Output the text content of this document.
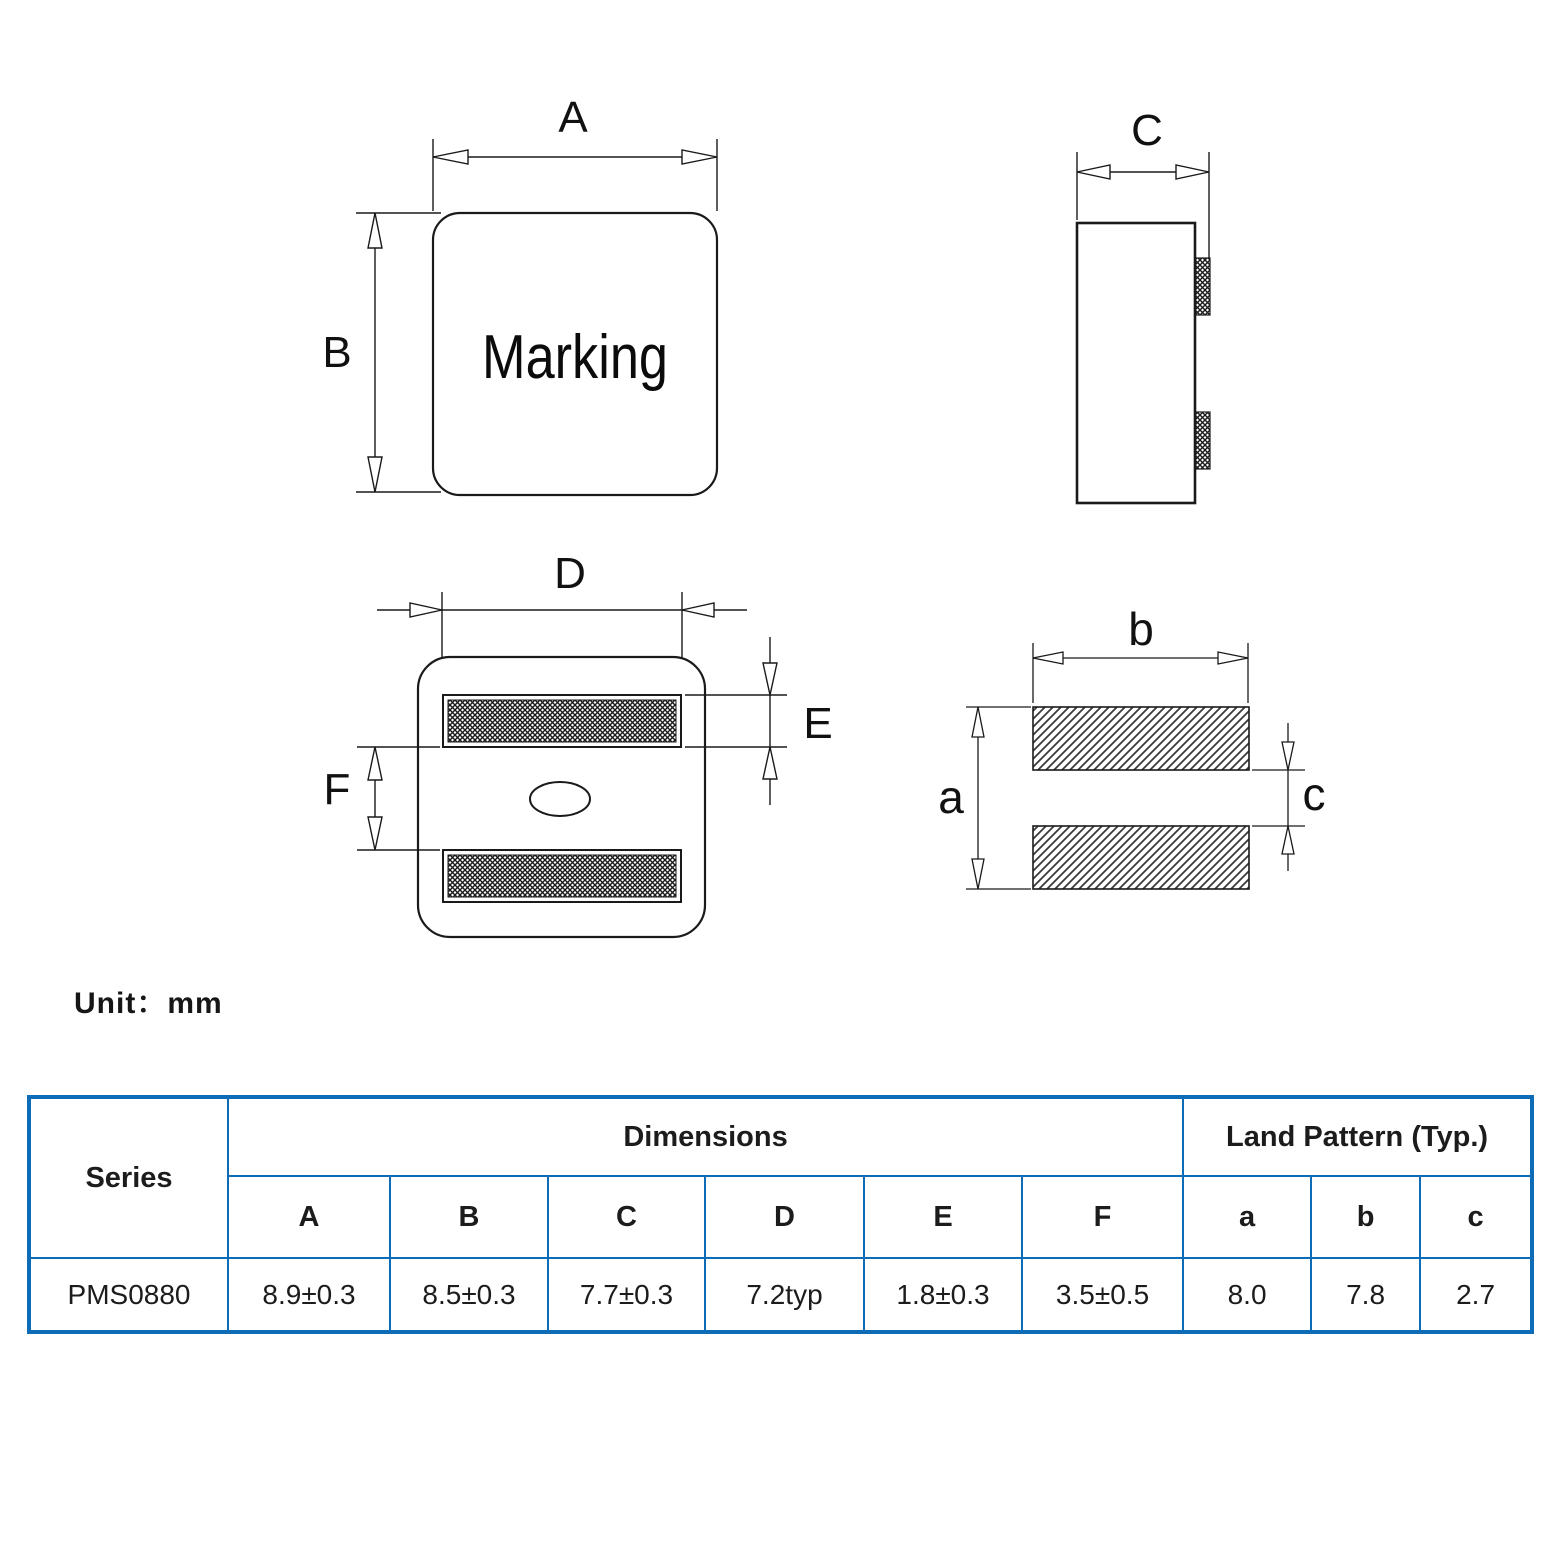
A
B Marking
C
D
E
F
b
a	c
Unit：mm
Series	Dimensions						Land Pattern (Typ.)		
	A	B	C	D	E	F	a	b	c
PMS0880	8.9±0.3	8.5±0.3	7.7±0.3	7.2typ	1.8±0.3	3.5±0.5	8.0	7.8	2.7
